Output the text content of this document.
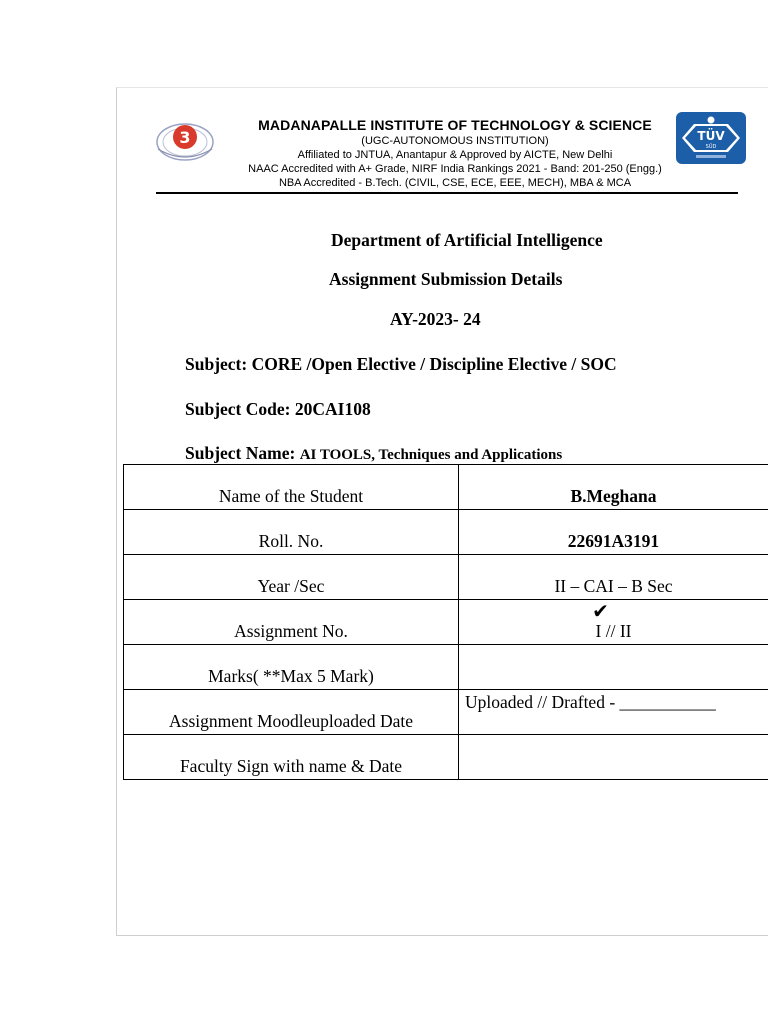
3	TÜV
SÜD
MADANAPALLE INSTITUTE OF TECHNOLOGY & SCIENCE
(UGC-AUTONOMOUS INSTITUTION)
Affiliated to JNTUA, Anantapur & Approved by AICTE, New Delhi
NAAC Accredited with A+ Grade, NIRF India Rankings 2021 - Band: 201-250 (Engg.)
NBA Accredited - B.Tech. (CIVIL, CSE, ECE, EEE, MECH), MBA & MCA
Department of Artificial Intelligence
Assignment Submission Details
AY-2023- 24
Subject: CORE /Open Elective / Discipline Elective / SOC
Subject Code: 20CAI108
Subject Name: AI TOOLS, Techniques and Applications
Name of the Student	B.Meghana
Roll. No.	22691A3191
Year /Sec	II – CAI – B Sec
Assignment No.	✔
I // II
Marks( **Max 5 Mark)	
Assignment Moodleuploaded Date	Uploaded // Drafted - ___________
Faculty Sign with name & Date	
